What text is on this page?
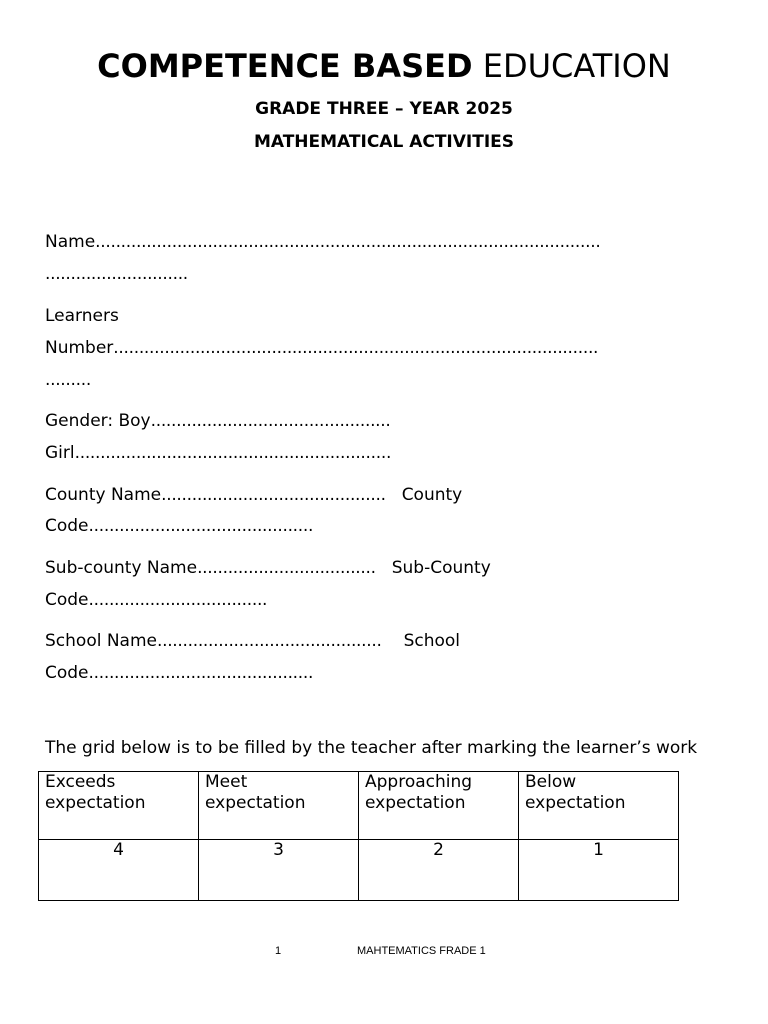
COMPETENCE BASED EDUCATION
GRADE THREE – YEAR 2025
MATHEMATICAL ACTIVITIES
Name...................................................................................................
............................
Learners
Number...............................................................................................
.........
Gender: Boy...............................................
Girl..............................................................
County Name............................................ County
Code............................................
Sub-county Name................................... Sub-County
Code...................................
School Name............................................ School
Code............................................
The grid below is to be filled by the teacher after marking the learner’s work
Exceeds
expectation	Meet
expectation	Approaching
expectation	Below
expectation
4	3	2	1
1	MAHTEMATICS FRADE 1
